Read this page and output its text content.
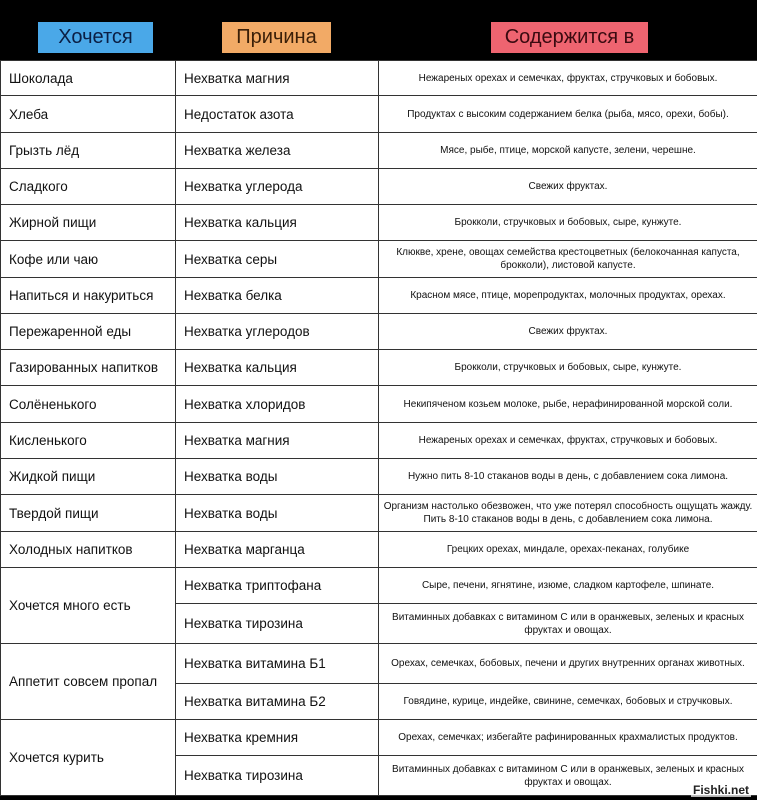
Хочется	Причина	Содержится в
Шоколада	Нехватка магния	Нежареных орехах и семечках, фруктах, стручковых и бобовых.
Хлеба	Недостаток азота	Продуктах с высоким содержанием белка (рыба, мясо, орехи, бобы).
Грызть лёд	Нехватка железа	Мясе, рыбе, птице, морской капусте, зелени, черешне.
Сладкого	Нехватка углерода	Свежих фруктах.
Жирной пищи	Нехватка кальция	Брокколи, стручковых и бобовых, сыре, кунжуте.
Кофе или чаю	Нехватка серы	Клюкве, хрене, овощах семейства крестоцветных (белокочанная капуста, брокколи), листовой капусте.
Напиться и накуриться	Нехватка белка	Красном мясе, птице, морепродуктах, молочных продуктах, орехах.
Пережаренной еды	Нехватка углеродов	Свежих фруктах.
Газированных напитков	Нехватка кальция	Брокколи, стручковых и бобовых, сыре, кунжуте.
Солёненького	Нехватка хлоридов	Некипяченом козьем молоке, рыбе, нерафинированной морской соли.
Кисленького	Нехватка магния	Нежареных орехах и семечках, фруктах, стручковых и бобовых.
Жидкой пищи	Нехватка воды	Нужно пить 8-10 стаканов воды в день, с добавлением сока лимона.
Твердой пищи	Нехватка воды	Организм настолько обезвожен, что уже потерял способность ощущать жажду. Пить 8-10 стаканов воды в день, с добавлением сока лимона.
Холодных напитков	Нехватка марганца	Грецких орехах, миндале, орехах-пеканах, голубике
Хочется много есть	Нехватка триптофана	Сыре, печени, ягнятине, изюме, сладком картофеле, шпинате.
	Нехватка тирозина	Витаминных добавках с витамином С или в оранжевых, зеленых и красных фруктах и овощах.
Аппетит совсем пропал	Нехватка витамина Б1	Орехах, семечках, бобовых, печени и других внутренних органах животных.
	Нехватка витамина Б2	Говядине, курице, индейке, свинине, семечках, бобовых и стручковых.
Хочется курить	Нехватка кремния	Орехах, семечках; избегайте рафинированных крахмалистых продуктов.
	Нехватка тирозина	Витаминных добавках с витамином С или в оранжевых, зеленых и красных фруктах и овощах.
Fishki.net
